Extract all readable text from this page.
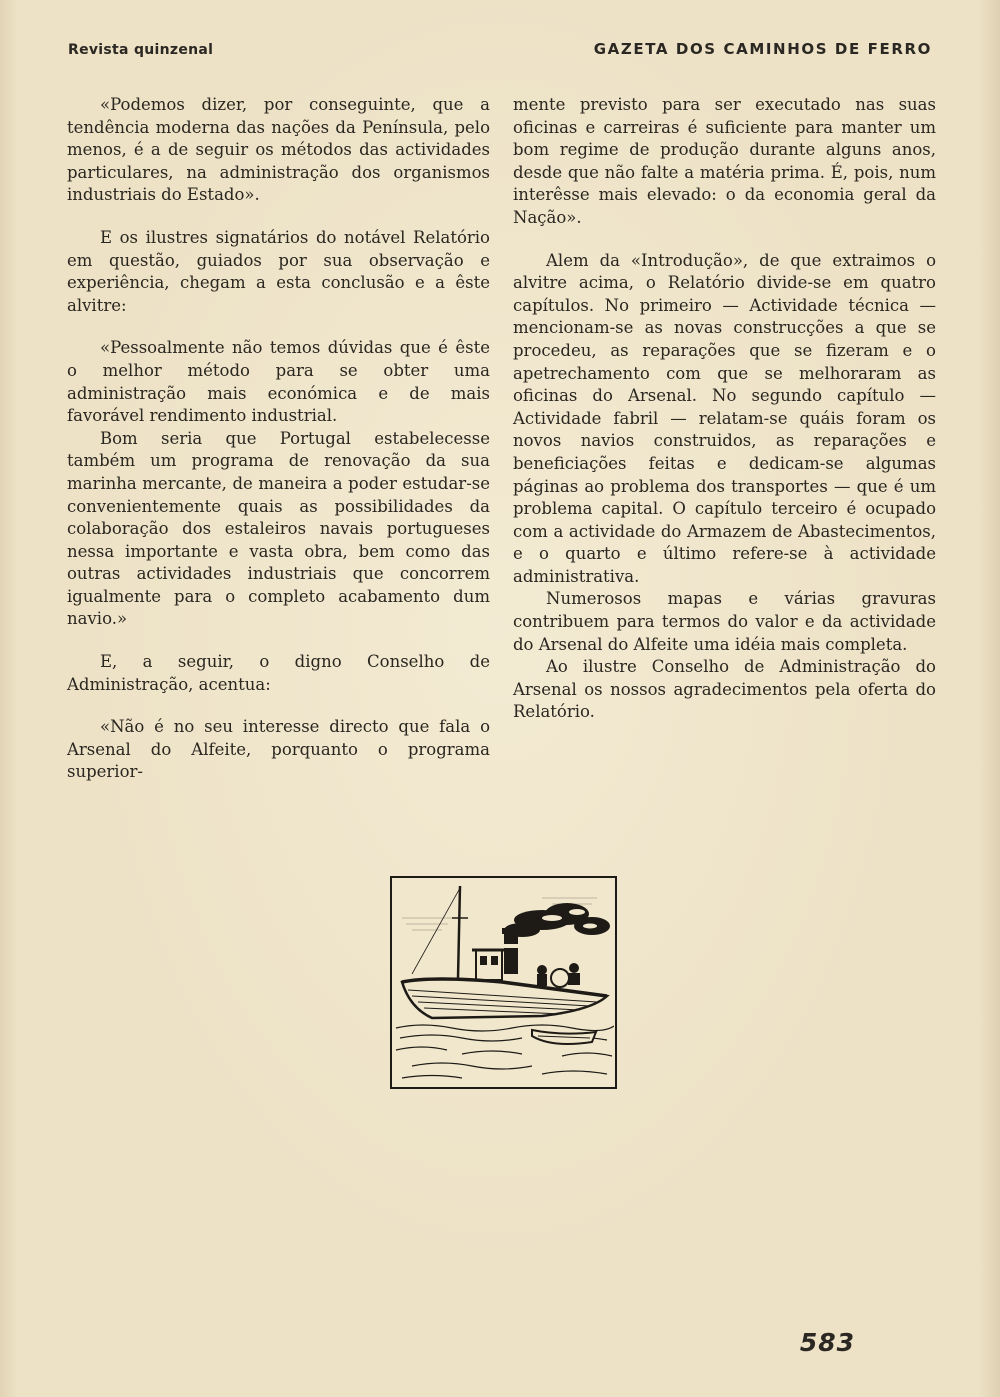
Revista quinzenal	GAZETA DOS CAMINHOS DE FERRO

«Podemos dizer, por conseguinte, que a tendência moderna das nações da Península, pelo menos, é a de seguir os métodos das actividades particulares, na administração dos organismos industriais do Estado».

E os ilustres signatários do notável Relatório em questão, guiados por sua observação e experiência, chegam a esta conclusão e a êste alvitre:

«Pessoalmente não temos dúvidas que é êste o melhor método para se obter uma administração mais económica e de mais favorável rendimento industrial.

Bom seria que Portugal estabelecesse também um programa de renovação da sua marinha mercante, de maneira a poder estudar-se convenientemente quais as possibilidades da colaboração dos estaleiros navais portugueses nessa importante e vasta obra, bem como das outras actividades industriais que concorrem igualmente para o completo acabamento dum navio.»

E, a seguir, o digno Conselho de Administração, acentua:

«Não é no seu interesse directo que fala o Arsenal do Alfeite, porquanto o programa superior-

mente previsto para ser executado nas suas oficinas e carreiras é suficiente para manter um bom regime de produção durante alguns anos, desde que não falte a matéria prima. É, pois, num interêsse mais elevado: o da economia geral da Nação».

Alem da «Introdução», de que extraimos o alvitre acima, o Relatório divide-se em quatro capítulos. No primeiro — Actividade técnica — mencionam-se as novas construcções a que se procedeu, as reparações que se fizeram e o apetrechamento com que se melhoraram as oficinas do Arsenal. No segundo capítulo — Actividade fabril — relatam-se quáis foram os novos navios construidos, as reparações e beneficiações feitas e dedicam-se algumas páginas ao problema dos transportes — que é um problema capital. O capítulo terceiro é ocupado com a actividade do Armazem de Abastecimentos, e o quarto e último refere-se à actividade administrativa.

Numerosos mapas e várias gravuras contribuem para termos do valor e da actividade do Arsenal do Alfeite uma idéia mais completa.

Ao ilustre Conselho de Administração do Arsenal os nossos agradecimentos pela oferta do Relatório.

583
